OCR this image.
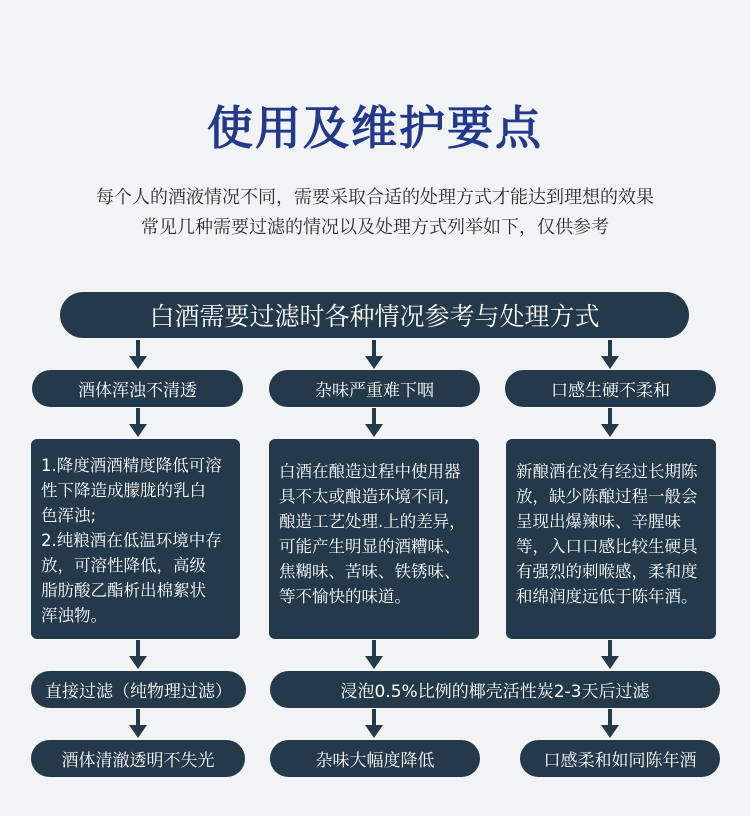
使用及维护要点
每个人的酒液情况不同，需要采取合适的处理方式才能达到理想的效果
常见几种需要过滤的情况以及处理方式列举如下，仅供参考
白酒需要过滤时各种情况参考与处理方式
酒体浑浊不清透	杂味严重难下咽	口感生硬不柔和
1.降度酒酒精度降低可溶
性下降造成朦胧的乳白
色浑浊;
2.纯粮酒在低温环境中存
放，可溶性降低，高级
脂肪酸乙酯析出棉絮状
浑浊物。
白酒在酿造过程中使用器
具不太或酿造环境不同,
酿造工艺处理.上的差异，
可能产生明显的酒糟味、
焦糊味、苦味、铁锈味、
等不愉快的味道。
新酿酒在没有经过长期陈
放，缺少陈酿过程一般会
呈现出爆辣味、辛腥味
等，入口口感比较生硬具
有强烈的刺喉感，柔和度
和绵润度远低于陈年酒。
直接过滤（纯物理过滤）	浸泡0.5%比例的椰壳活性炭2-3天后过滤
酒体清澈透明不失光	杂味大幅度降低	口感柔和如同陈年酒
